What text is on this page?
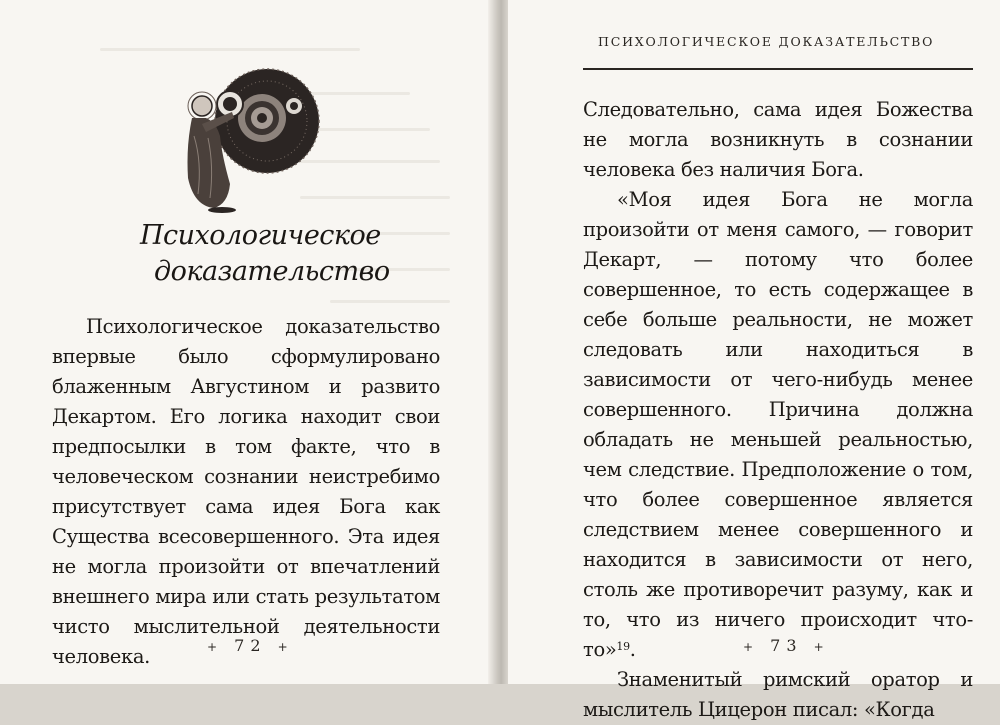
Психологическое
доказательство

Психологическое доказательство впервые было сформулировано блаженным Августином и развито Декартом. Его логика находит свои предпосылки в том факте, что в человеческом сознании неистребимо присутствует сама идея Бога как Существа всесовершенного. Эта идея не могла произойти от впечатлений внешнего мира или стать результатом чисто мыслительной деятельности человека.	+ 72 +
ПСИХОЛОГИЧЕСКОЕ ДОКАЗАТЕЛЬСТВО

Следовательно, сама идея Божества не могла возникнуть в сознании человека без наличия Бога.

«Моя идея Бога не могла произойти от меня самого, — говорит Декарт, — потому что более совершенное, то есть содержащее в себе больше реальности, не может следовать или находиться в зависимости от чего-нибудь менее совершенного. Причина должна обладать не меньшей реальностью, чем следствие. Предположение о том, что более совершенное является следствием менее совершенного и находится в зависимости от него, столь же противоречит разуму, как и то, что из ничего происходит что-то»$^{19}$.

Знаменитый римский оратор и мыслитель Цицерон писал: «Когда

+ 73 +
